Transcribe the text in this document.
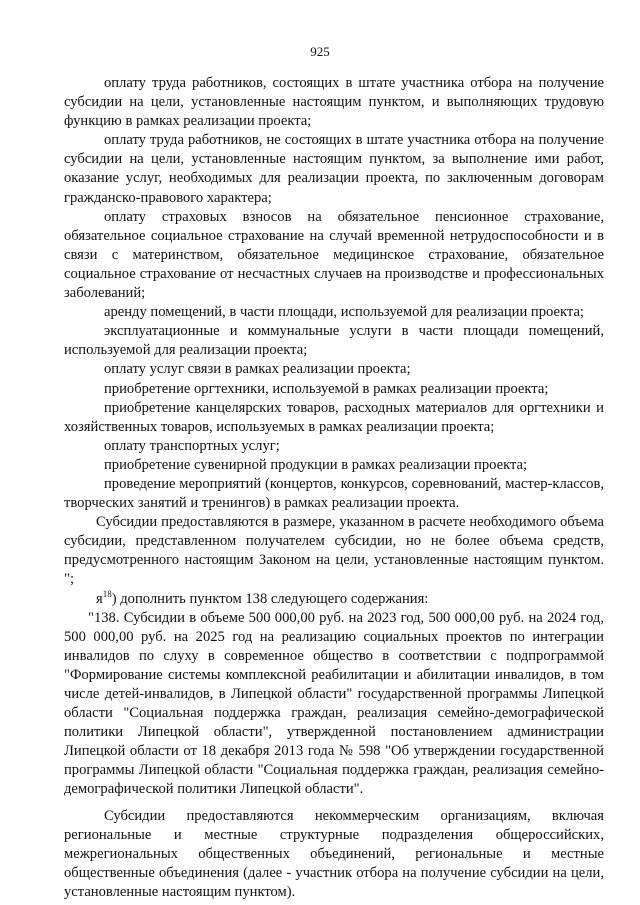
925

оплату труда работников, состоящих в штате участника отбора на получение субсидии на цели, установленные настоящим пунктом, и выполняющих трудовую функцию в рамках реализации проекта;

оплату труда работников, не состоящих в штате участника отбора на получение субсидии на цели, установленные настоящим пунктом, за выполнение ими работ, оказание услуг, необходимых для реализации проекта, по заключенным договорам гражданско-правового характера;

оплату страховых взносов на обязательное пенсионное страхование, обязательное социальное страхование на случай временной нетрудоспособности и в связи с материнством, обязательное медицинское страхование, обязательное социальное страхование от несчастных случаев на производстве и профессиональных заболеваний;

аренду помещений, в части площади, используемой для реализации проекта;

эксплуатационные и коммунальные услуги в части площади помещений, используемой для реализации проекта;

оплату услуг связи в рамках реализации проекта;

приобретение оргтехники, используемой в рамках реализации проекта;

приобретение канцелярских товаров, расходных материалов для оргтехники и хозяйственных товаров, используемых в рамках реализации проекта;

оплату транспортных услуг;

приобретение сувенирной продукции в рамках реализации проекта;

проведение мероприятий (концертов, конкурсов, соревнований, мастер-классов, творческих занятий и тренингов) в рамках реализации проекта.

Субсидии предоставляются в размере, указанном в расчете необходимого объема субсидии, представленном получателем субсидии, но не более объема средств, предусмотренного настоящим Законом на цели, установленные настоящим пунктом. ";

$я^{18}$) дополнить пунктом 138 следующего содержания:

"138. Субсидии в объеме 500 000,00 руб. на 2023 год, 500 000,00 руб. на 2024 год, 500 000,00 руб. на 2025 год на реализацию социальных проектов по интеграции инвалидов по слуху в современное общество в соответствии с подпрограммой "Формирование системы комплексной реабилитации и абилитации инвалидов, в том числе детей-инвалидов, в Липецкой области" государственной программы Липецкой области "Социальная поддержка граждан, реализация семейно-демографической политики Липецкой области", утвержденной постановлением администрации Липецкой области от 18 декабря 2013 года № 598 "Об утверждении государственной программы Липецкой области "Социальная поддержка граждан, реализация семейно-демографической политики Липецкой области".

Субсидии предоставляются некоммерческим организациям, включая региональные и местные структурные подразделения общероссийских, межрегиональных общественных объединений, региональные и местные общественные объединения (далее - участник отбора на получение субсидии на цели, установленные настоящим пунктом).
